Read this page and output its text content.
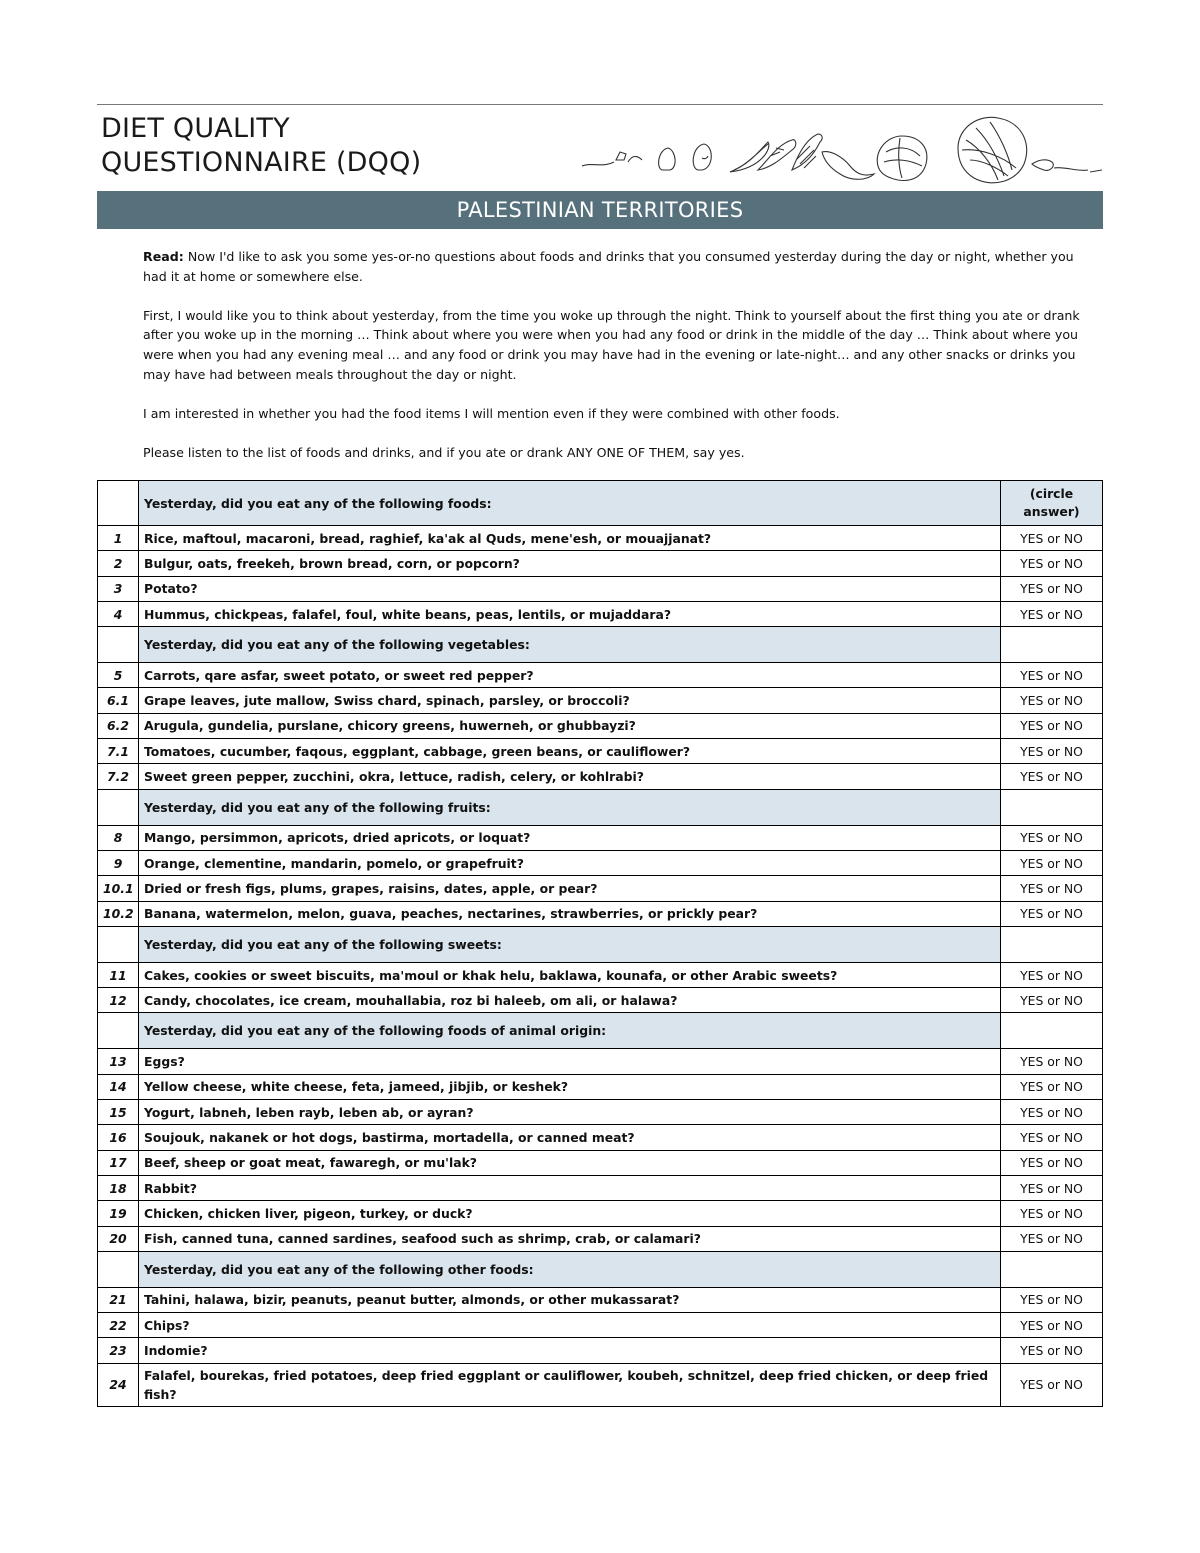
DIET QUALITY
QUESTIONNAIRE (DQQ)
PALESTINIAN TERRITORIES

Read: Now I'd like to ask you some yes-or-no questions about foods and drinks that you consumed yesterday during the day or night, whether you had it at home or somewhere else.

First, I would like you to think about yesterday, from the time you woke up through the night. Think to yourself about the first thing you ate or drank after you woke up in the morning … Think about where you were when you had any food or drink in the middle of the day … Think about where you were when you had any evening meal … and any food or drink you may have had in the evening or late-night… and any other snacks or drinks you may have had between meals throughout the day or night.

I am interested in whether you had the food items I will mention even if they were combined with other foods.

Please listen to the list of foods and drinks, and if you ate or drank ANY ONE OF THEM, say yes.

	Yesterday, did you eat any of the following foods:	(circle answer)
1	Rice, maftoul, macaroni, bread, raghief, ka'ak al Quds, mene'esh, or mouajjanat?	YES or NO
2	Bulgur, oats, freekeh, brown bread, corn, or popcorn?	YES or NO
3	Potato?	YES or NO
4	Hummus, chickpeas, falafel, foul, white beans, peas, lentils, or mujaddara?	YES or NO
	Yesterday, did you eat any of the following vegetables:	
5	Carrots, qare asfar, sweet potato, or sweet red pepper?	YES or NO
6.1	Grape leaves, jute mallow, Swiss chard, spinach, parsley, or broccoli?	YES or NO
6.2	Arugula, gundelia, purslane, chicory greens, huwerneh, or ghubbayzi?	YES or NO
7.1	Tomatoes, cucumber, faqous, eggplant, cabbage, green beans, or cauliflower?	YES or NO
7.2	Sweet green pepper, zucchini, okra, lettuce, radish, celery, or kohlrabi?	YES or NO
	Yesterday, did you eat any of the following fruits:	
8	Mango, persimmon, apricots, dried apricots, or loquat?	YES or NO
9	Orange, clementine, mandarin, pomelo, or grapefruit?	YES or NO
10.1	Dried or fresh figs, plums, grapes, raisins, dates, apple, or pear?	YES or NO
10.2	Banana, watermelon, melon, guava, peaches, nectarines, strawberries, or prickly pear?	YES or NO
	Yesterday, did you eat any of the following sweets:	
11	Cakes, cookies or sweet biscuits, ma'moul or khak helu, baklawa, kounafa, or other Arabic sweets?	YES or NO
12	Candy, chocolates, ice cream, mouhallabia, roz bi haleeb, om ali, or halawa?	YES or NO
	Yesterday, did you eat any of the following foods of animal origin:	
13	Eggs?	YES or NO
14	Yellow cheese, white cheese, feta, jameed, jibjib, or keshek?	YES or NO
15	Yogurt, labneh, leben rayb, leben ab, or ayran?	YES or NO
16	Soujouk, nakanek or hot dogs, bastirma, mortadella, or canned meat?	YES or NO
17	Beef, sheep or goat meat, fawaregh, or mu'lak?	YES or NO
18	Rabbit?	YES or NO
19	Chicken, chicken liver, pigeon, turkey, or duck?	YES or NO
20	Fish, canned tuna, canned sardines, seafood such as shrimp, crab, or calamari?	YES or NO
	Yesterday, did you eat any of the following other foods:	
21	Tahini, halawa, bizir, peanuts, peanut butter, almonds, or other mukassarat?	YES or NO
22	Chips?	YES or NO
23	Indomie?	YES or NO
24	Falafel, bourekas, fried potatoes, deep fried eggplant or cauliflower, koubeh, schnitzel, deep fried chicken, or deep fried fish?	YES or NO
